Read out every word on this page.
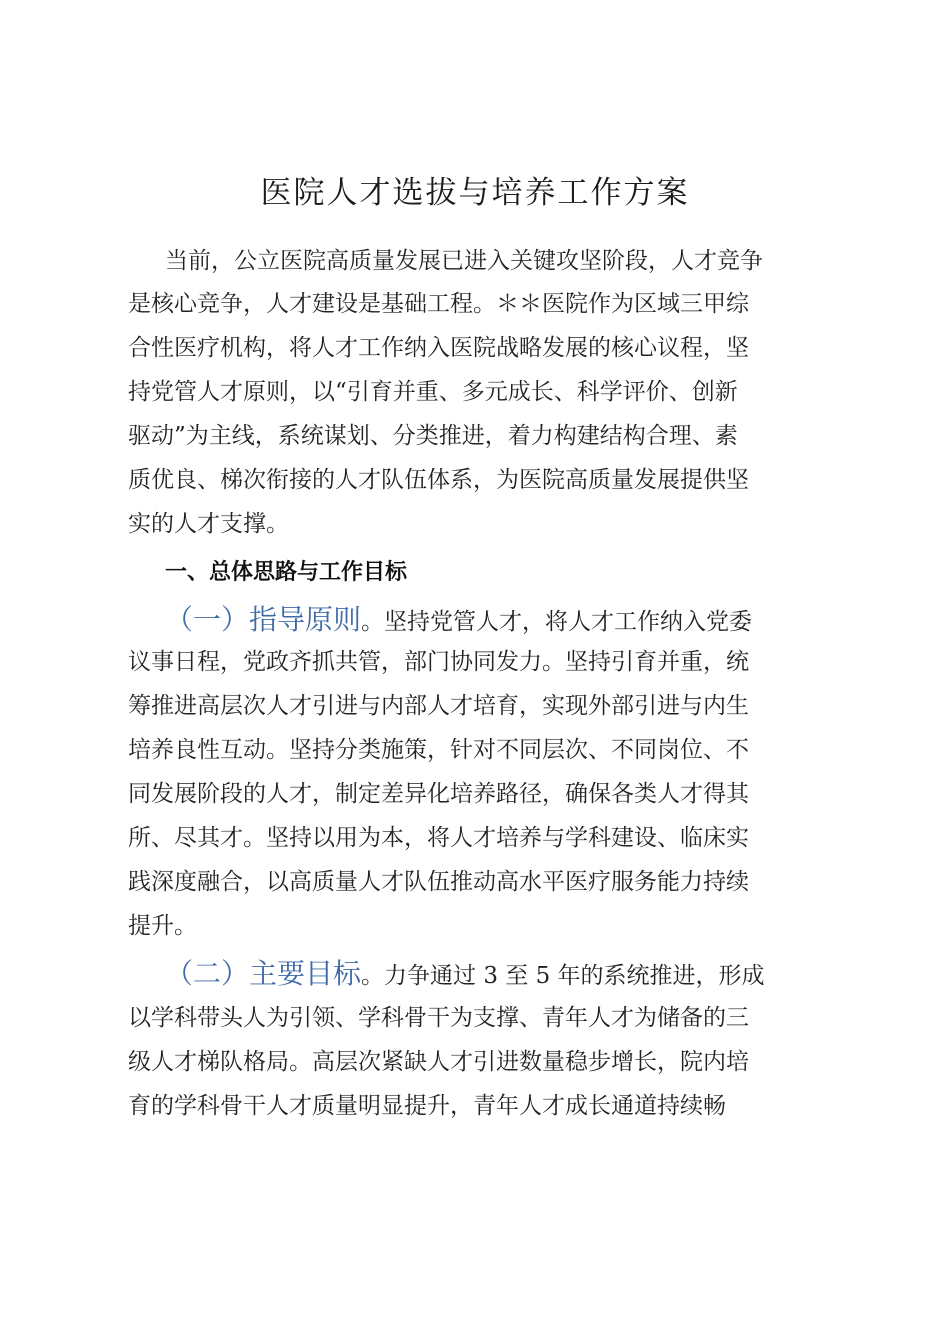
医院人才选拔与培养工作方案
当前，公立医院高质量发展已进入关键攻坚阶段，人才竞争
是核心竞争，人才建设是基础工程。＊＊医院作为区域三甲综
合性医疗机构，将人才工作纳入医院战略发展的核心议程，坚
持党管人才原则，以“引育并重、多元成长、科学评价、创新
驱动”为主线，系统谋划、分类推进，着力构建结构合理、素
质优良、梯次衔接的人才队伍体系，为医院高质量发展提供坚
实的人才支撑。
一、总体思路与工作目标
（一）指导原则。坚持党管人才，将人才工作纳入党委
议事日程，党政齐抓共管，部门协同发力。坚持引育并重，统
筹推进高层次人才引进与内部人才培育，实现外部引进与内生
培养良性互动。坚持分类施策，针对不同层次、不同岗位、不
同发展阶段的人才，制定差异化培养路径，确保各类人才得其
所、尽其才。坚持以用为本，将人才培养与学科建设、临床实
践深度融合，以高质量人才队伍推动高水平医疗服务能力持续
提升。
（二）主要目标。力争通过 3 至 5 年的系统推进，形成
以学科带头人为引领、学科骨干为支撑、青年人才为储备的三
级人才梯队格局。高层次紧缺人才引进数量稳步增长，院内培
育的学科骨干人才质量明显提升，青年人才成长通道持续畅
